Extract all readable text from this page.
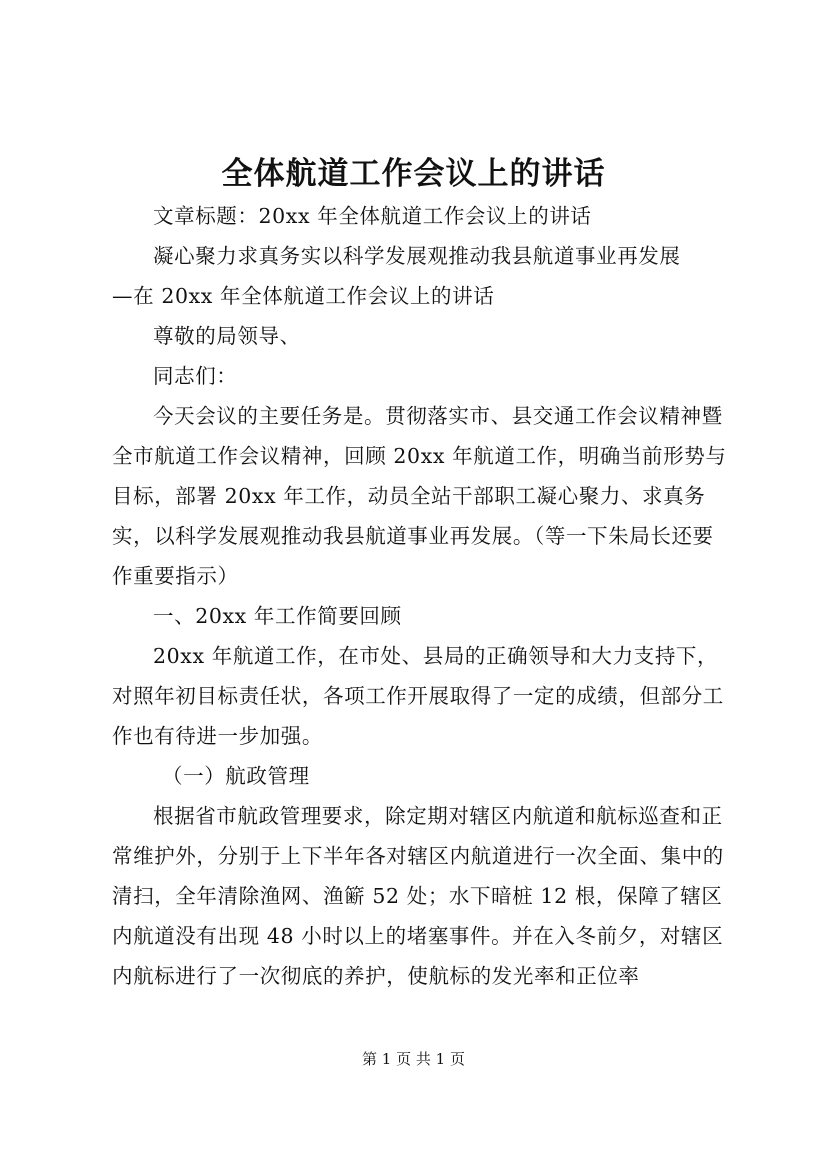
全体航道工作会议上的讲话

文章标题：20xx 年全体航道工作会议上的讲话

凝心聚力求真务实以科学发展观推动我县航道事业再发展

—在 20xx 年全体航道工作会议上的讲话

尊敬的局领导、

同志们：

今天会议的主要任务是。贯彻落实市、县交通工作会议精神暨全市航道工作会议精神，回顾 20xx 年航道工作，明确当前形势与目标，部署 20xx 年工作，动员全站干部职工凝心聚力、求真务实，以科学发展观推动我县航道事业再发展。（等一下朱局长还要作重要指示）

一、20xx 年工作简要回顾

20xx 年航道工作，在市处、县局的正确领导和大力支持下，对照年初目标责任状，各项工作开展取得了一定的成绩，但部分工作也有待进一步加强。

（一）航政管理

根据省市航政管理要求，除定期对辖区内航道和航标巡查和正常维护外，分别于上下半年各对辖区内航道进行一次全面、集中的清扫，全年清除渔网、渔簖 52 处；水下暗桩 12 根，保障了辖区内航道没有出现 48 小时以上的堵塞事件。并在入冬前夕，对辖区内航标进行了一次彻底的养护，使航标的发光率和正位率

第 1 页 共 1 页
